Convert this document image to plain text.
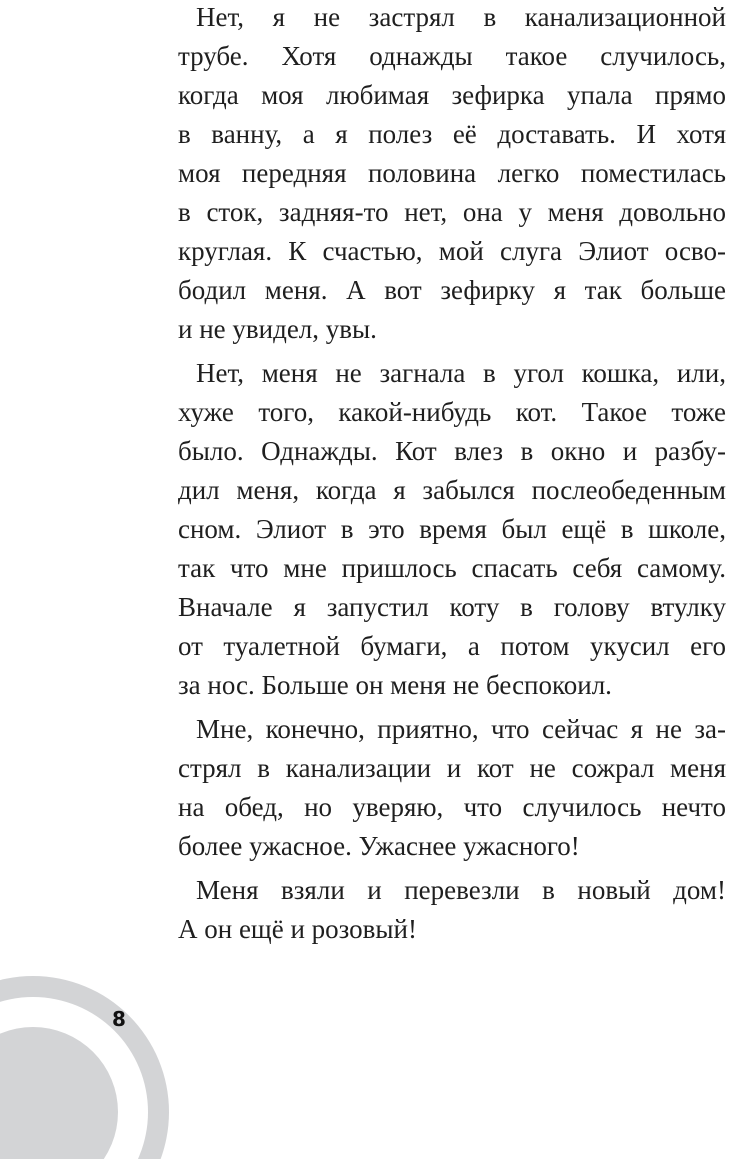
Нет, я не застрял в канализационной
трубе. Хотя однажды такое случилось,
когда моя любимая зефирка упала прямо
в ванну, а я полез её доставать. И хотя
моя передняя половина легко поместилась
в сток, задняя-то нет, она у меня довольно
круглая. К счастью, мой слуга Элиот осво-
бодил меня. А вот зефирку я так больше
и не увидел, увы.
Нет, меня не загнала в угол кошка, или,
хуже того, какой-нибудь кот. Такое тоже
было. Однажды. Кот влез в окно и разбу-
дил меня, когда я забылся послеобеденным
сном. Элиот в это время был ещё в школе,
так что мне пришлось спасать себя самому.
Вначале я запустил коту в голову втулку
от туалетной бумаги, а потом укусил его
за нос. Больше он меня не беспокоил.
Мне, конечно, приятно, что сейчас я не за-
стрял в канализации и кот не сожрал меня
на обед, но уверяю, что случилось нечто
более ужасное. Ужаснее ужасного!
Меня взяли и перевезли в новый дом!
А он ещё и розовый!
8
